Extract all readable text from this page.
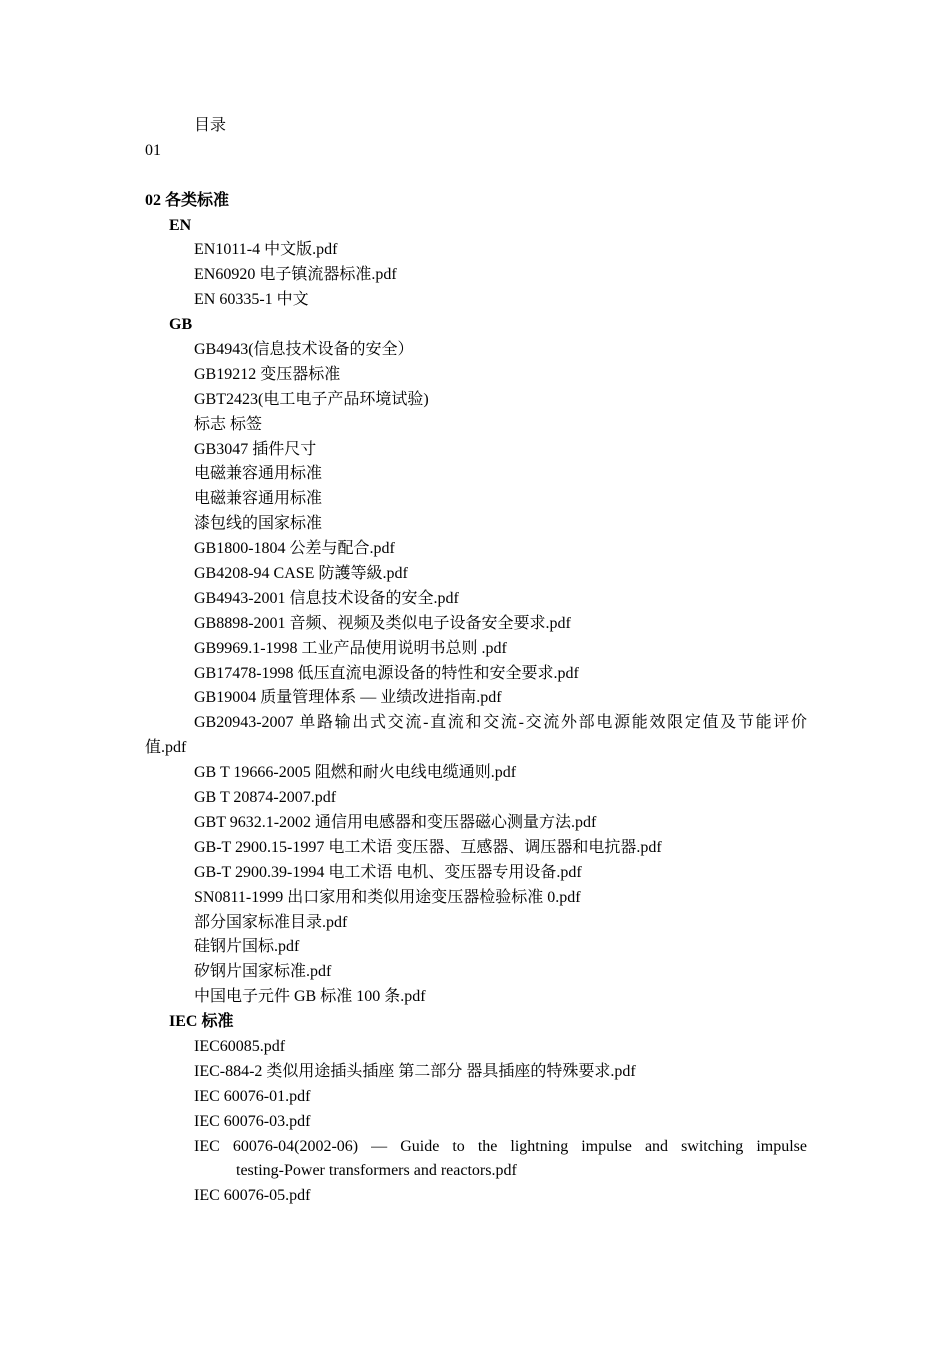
目录
01
02 各类标准
EN
EN1011-4 中文版.pdf
EN60920 电子镇流器标准.pdf
EN 60335-1 中文
GB
GB4943(信息技术设备的安全）
GB19212 变压器标准
GBT2423(电工电子产品环境试验)
标志 标签
GB3047 插件尺寸
电磁兼容通用标准
电磁兼容通用标准
漆包线的国家标准
GB1800-1804 公差与配合.pdf
GB4208-94 CASE 防護等級.pdf
GB4943-2001 信息技术设备的安全.pdf
GB8898-2001 音频、视频及类似电子设备安全要求.pdf
GB9969.1-1998 工业产品使用说明书总则 .pdf
GB17478-1998 低压直流电源设备的特性和安全要求.pdf
GB19004 质量管理体系 — 业绩改进指南.pdf
GB20943-2007 单路输出式交流-直流和交流-交流外部电源能效限定值及节能评价
值.pdf
GB T 19666-2005 阻燃和耐火电线电缆通则.pdf
GB T 20874-2007.pdf
GBT 9632.1-2002 通信用电感器和变压器磁心测量方法.pdf
GB-T 2900.15-1997 电工术语 变压器、互感器、调压器和电抗器.pdf
GB-T 2900.39-1994 电工术语 电机、变压器专用设备.pdf
SN0811-1999 出口家用和类似用途变压器检验标准 0.pdf
部分国家标准目录.pdf
硅钢片国标.pdf
矽钢片国家标准.pdf
中国电子元件 GB 标准 100 条.pdf
IEC 标准
IEC60085.pdf
IEC-884-2 类似用途插头插座 第二部分 器具插座的特殊要求.pdf
IEC 60076-01.pdf
IEC 60076-03.pdf
IEC 60076-04(2002-06) — Guide to the lightning impulse and switching impulse
testing-Power transformers and reactors.pdf
IEC 60076-05.pdf
